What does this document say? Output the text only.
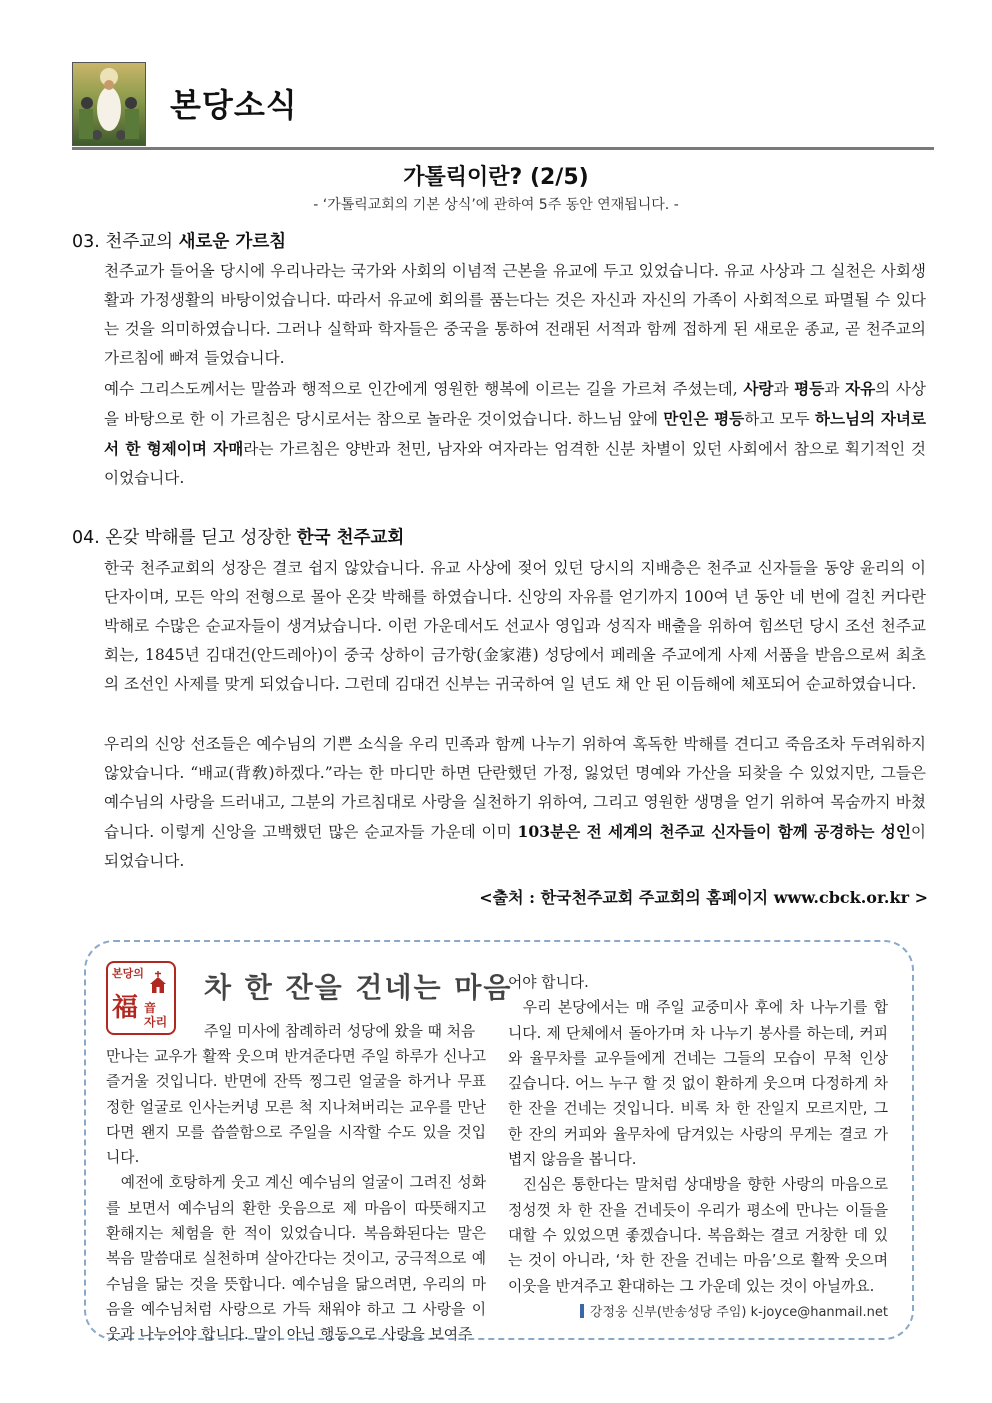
본당소식
가톨릭이란? (2/5)
- ‘가톨릭교회의 기본 상식’에 관하여 5주 동안 연재됩니다. -
03. 천주교의 새로운 가르침
천주교가 들어올 당시에 우리나라는 국가와 사회의 이념적 근본을 유교에 두고 있었습니다. 유교 사상과 그 실천은 사회생활과 가정생활의 바탕이었습니다. 따라서 유교에 회의를 품는다는 것은 자신과 자신의 가족이 사회적으로 파멸될 수 있다는 것을 의미하였습니다. 그러나 실학파 학자들은 중국을 통하여 전래된 서적과 함께 접하게 된 새로운 종교, 곧 천주교의 가르침에 빠져 들었습니다.
예수 그리스도께서는 말씀과 행적으로 인간에게 영원한 행복에 이르는 길을 가르쳐 주셨는데, 사랑과 평등과 자유의 사상을 바탕으로 한 이 가르침은 당시로서는 참으로 놀라운 것이었습니다. 하느님 앞에 만인은 평등하고 모두 하느님의 자녀로서 한 형제이며 자매라는 가르침은 양반과 천민, 남자와 여자라는 엄격한 신분 차별이 있던 사회에서 참으로 획기적인 것이었습니다.
04. 온갖 박해를 딛고 성장한 한국 천주교회
한국 천주교회의 성장은 결코 쉽지 않았습니다. 유교 사상에 젖어 있던 당시의 지배층은 천주교 신자들을 동양 윤리의 이단자이며, 모든 악의 전형으로 몰아 온갖 박해를 하였습니다. 신앙의 자유를 얻기까지 100여 년 동안 네 번에 걸친 커다란 박해로 수많은 순교자들이 생겨났습니다. 이런 가운데서도 선교사 영입과 성직자 배출을 위하여 힘쓰던 당시 조선 천주교회는, 1845년 김대건(안드레아)이 중국 상하이 금가항(金家港) 성당에서 페레올 주교에게 사제 서품을 받음으로써 최초의 조선인 사제를 맞게 되었습니다. 그런데 김대건 신부는 귀국하여 일 년도 채 안 된 이듬해에 체포되어 순교하였습니다.
우리의 신앙 선조들은 예수님의 기쁜 소식을 우리 민족과 함께 나누기 위하여 혹독한 박해를 견디고 죽음조차 두려워하지 않았습니다. “배교(背敎)하겠다.”라는 한 마디만 하면 단란했던 가정, 잃었던 명예와 가산을 되찾을 수 있었지만, 그들은 예수님의 사랑을 드러내고, 그분의 가르침대로 사랑을 실천하기 위하여, 그리고 영원한 생명을 얻기 위하여 목숨까지 바쳤습니다. 이렇게 신앙을 고백했던 많은 순교자들 가운데 이미 103분은 전 세계의 천주교 신자들이 함께 공경하는 성인이 되었습니다.
<출처 : 한국천주교회 주교회의 홈페이지 www.cbck.or.kr >
본당의
福 音
자리
차 한 잔을 건네는 마음
주일 미사에 참례하러 성당에 왔을 때 처음

만나는 교우가 활짝 웃으며 반겨준다면 주일 하루가 신나고 즐거울 것입니다. 반면에 잔뜩 찡그린 얼굴을 하거나 무표정한 얼굴로 인사는커녕 모른 척 지나쳐버리는 교우를 만난다면 왠지 모를 씁쓸함으로 주일을 시작할 수도 있을 것입니다.

예전에 호탕하게 웃고 계신 예수님의 얼굴이 그려진 성화를 보면서 예수님의 환한 웃음으로 제 마음이 따뜻해지고 환해지는 체험을 한 적이 있었습니다. 복음화된다는 말은 복음 말씀대로 실천하며 살아간다는 것이고, 궁극적으로 예수님을 닮는 것을 뜻합니다. 예수님을 닮으려면, 우리의 마음을 예수님처럼 사랑으로 가득 채워야 하고 그 사랑을 이웃과 나누어야 합니다. 말이 아닌 행동으로 사랑을 보여주

어야 합니다.

우리 본당에서는 매 주일 교중미사 후에 차 나누기를 합니다. 제 단체에서 돌아가며 차 나누기 봉사를 하는데, 커피와 율무차를 교우들에게 건네는 그들의 모습이 무척 인상 깊습니다. 어느 누구 할 것 없이 환하게 웃으며 다정하게 차 한 잔을 건네는 것입니다. 비록 차 한 잔일지 모르지만, 그 한 잔의 커피와 율무차에 담겨있는 사랑의 무게는 결코 가볍지 않음을 봅니다.

진심은 통한다는 말처럼 상대방을 향한 사랑의 마음으로 정성껏 차 한 잔을 건네듯이 우리가 평소에 만나는 이들을 대할 수 있었으면 좋겠습니다. 복음화는 결코 거창한 데 있는 것이 아니라, ‘차 한 잔을 건네는 마음’으로 활짝 웃으며 이웃을 반겨주고 환대하는 그 가운데 있는 것이 아닐까요.

강정웅 신부(반송성당 주임) k-joyce@hanmail.net
